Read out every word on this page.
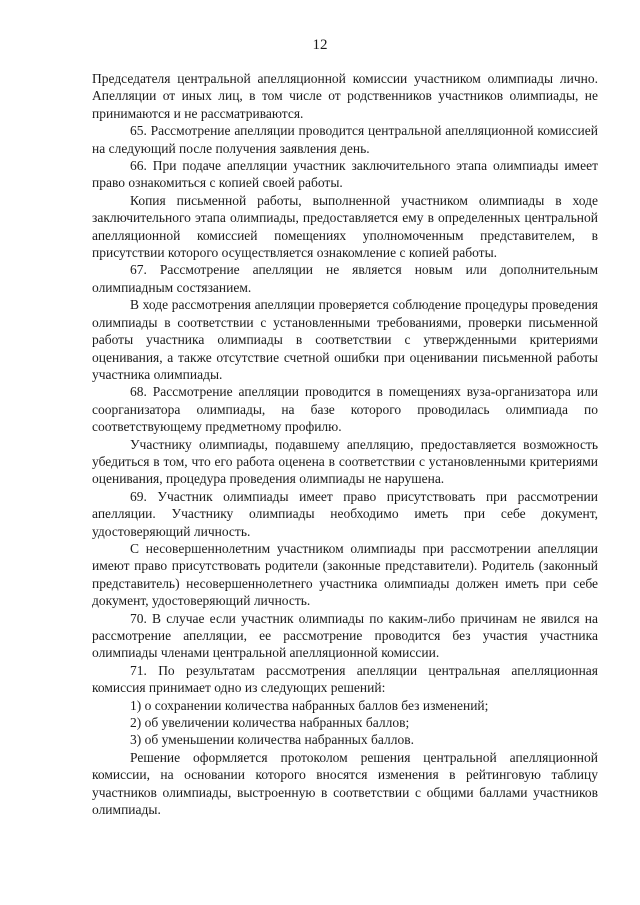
12

Председателя центральной апелляционной комиссии участником олимпиады лично. Апелляции от иных лиц, в том числе от родственников участников олимпиады, не принимаются и не рассматриваются.

65. Рассмотрение апелляции проводится центральной апелляционной комиссией на следующий после получения заявления день.

66. При подаче апелляции участник заключительного этапа олимпиады имеет право ознакомиться с копией своей работы.

Копия письменной работы, выполненной участником олимпиады в ходе заключительного этапа олимпиады, предоставляется ему в определенных центральной апелляционной комиссией помещениях уполномоченным представителем, в присутствии которого осуществляется ознакомление с копией работы.

67. Рассмотрение апелляции не является новым или дополнительным олимпиадным состязанием.

В ходе рассмотрения апелляции проверяется соблюдение процедуры проведения олимпиады в соответствии с установленными требованиями, проверки письменной работы участника олимпиады в соответствии с утвержденными критериями оценивания, а также отсутствие счетной ошибки при оценивании письменной работы участника олимпиады.

68. Рассмотрение апелляции проводится в помещениях вуза-организатора или соорганизатора олимпиады, на базе которого проводилась олимпиада по соответствующему предметному профилю.

Участнику олимпиады, подавшему апелляцию, предоставляется возможность убедиться в том, что его работа оценена в соответствии с установленными критериями оценивания, процедура проведения олимпиады не нарушена.

69. Участник олимпиады имеет право присутствовать при рассмотрении апелляции. Участнику олимпиады необходимо иметь при себе документ, удостоверяющий личность.

С несовершеннолетним участником олимпиады при рассмотрении апелляции имеют право присутствовать родители (законные представители). Родитель (законный представитель) несовершеннолетнего участника олимпиады должен иметь при себе документ, удостоверяющий личность.

70. В случае если участник олимпиады по каким-либо причинам не явился на рассмотрение апелляции, ее рассмотрение проводится без участия участника олимпиады членами центральной апелляционной комиссии.

71. По результатам рассмотрения апелляции центральная апелляционная комиссия принимает одно из следующих решений:

1) о сохранении количества набранных баллов без изменений;

2) об увеличении количества набранных баллов;

3) об уменьшении количества набранных баллов.

Решение оформляется протоколом решения центральной апелляционной комиссии, на основании которого вносятся изменения в рейтинговую таблицу участников олимпиады, выстроенную в соответствии с общими баллами участников олимпиады.
